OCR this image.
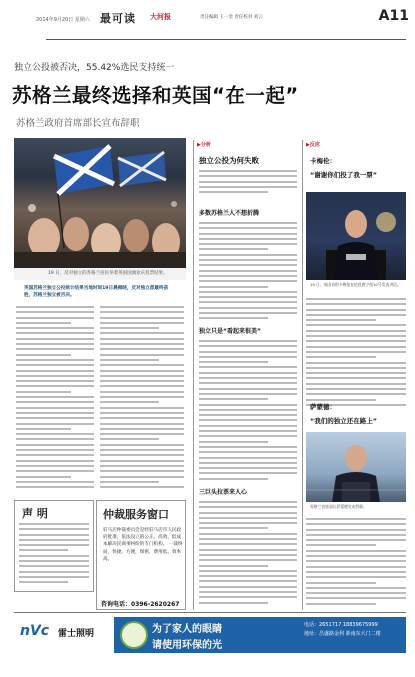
2014年9月20日 星期六 最可读 大河报	责任编辑 王一金 责任校对 刘云	A11
独立公投被否决，55.42%选民支持统一
苏格兰最终选择和英国“在一起”
苏格兰政府首席部长宣布辞职
19 日，反对独立的苏格兰居民举着英国国旗欢庆投票结果。
英国苏格兰独立公投统计结果当地时间19日晨揭晓，反对独立派最终获胜，苏格兰独立被否决。
▶分析
独立公投为何失败
多数苏格兰人不想折腾
独立只是“看起来很美”
三巨头拉票来人心
▶反应
卡梅伦：
“谢谢你们投了我一票”
19 日，英国首相卡梅伦在伦敦唐宁街10号发表讲话。
萨蒙德：
“我们的独立还在路上”
苏格兰首席部长萨蒙德宣布辞职。
声 明	仲裁服务窗口
驻马店仲裁委员会是经驻马店市人民政府批准，依法设立的公正、高效、低成本解决民商事纠纷的专门机构。 一裁终局，快捷、方便，保密，费用低，效率高。
咨询电话：0396-2620267
nVc 雷士照明	为了家人的眼睛
请使用环保的光
电话：2651717 18839675999
地址：昌盛路金利 浙南东大门二楼
